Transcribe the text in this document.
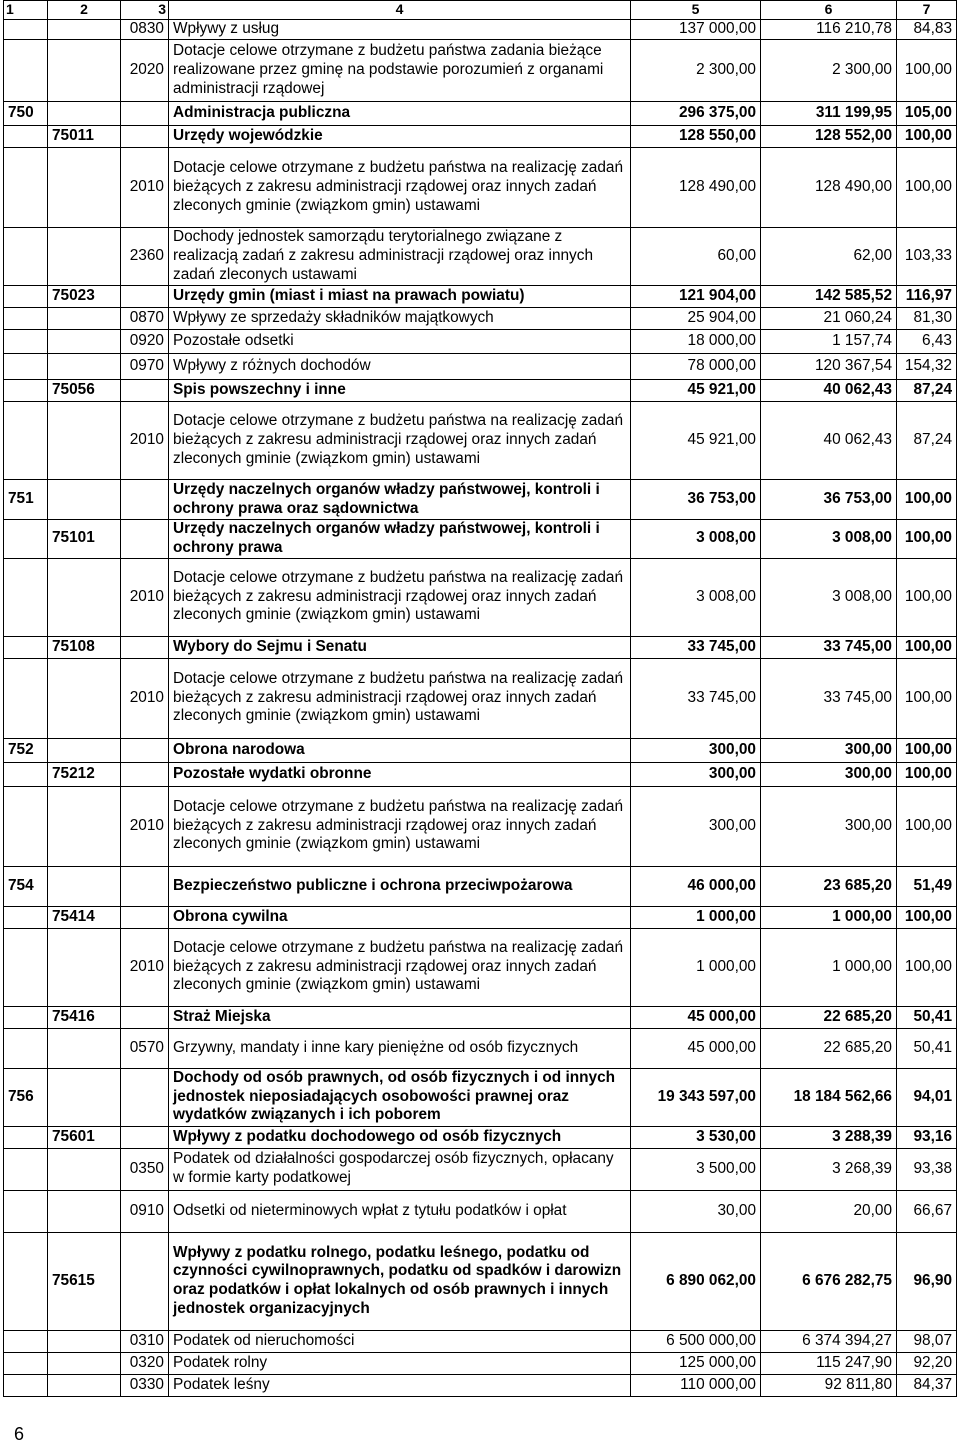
1	2	3	4	5	6	7
		0830	Wpływy z usług	137 000,00	116 210,78	84,83
		2020	Dotacje celowe otrzymane z budżetu państwa zadania bieżące realizowane przez gminę na podstawie porozumień z organami administracji rządowej	2 300,00	2 300,00	100,00
750			Administracja publiczna	296 375,00	311 199,95	105,00
	75011		Urzędy wojewódzkie	128 550,00	128 552,00	100,00
		2010	Dotacje celowe otrzymane z budżetu państwa na realizację zadań bieżących z zakresu administracji rządowej oraz innych zadań zleconych gminie (związkom gmin) ustawami	128 490,00	128 490,00	100,00
		2360	Dochody jednostek samorządu terytorialnego związane z realizacją zadań z zakresu administracji rządowej oraz innych zadań zleconych ustawami	60,00	62,00	103,33
	75023		Urzędy gmin (miast i miast na prawach powiatu)	121 904,00	142 585,52	116,97
		0870	Wpływy ze sprzedaży składników majątkowych	25 904,00	21 060,24	81,30
		0920	Pozostałe odsetki	18 000,00	1 157,74	6,43
		0970	Wpływy z różnych dochodów	78 000,00	120 367,54	154,32
	75056		Spis powszechny i inne	45 921,00	40 062,43	87,24
		2010	Dotacje celowe otrzymane z budżetu państwa na realizację zadań bieżących z zakresu administracji rządowej oraz innych zadań zleconych gminie (związkom gmin) ustawami	45 921,00	40 062,43	87,24
751			Urzędy naczelnych organów władzy państwowej, kontroli i ochrony prawa oraz sądownictwa	36 753,00	36 753,00	100,00
	75101		Urzędy naczelnych organów władzy państwowej, kontroli i ochrony prawa	3 008,00	3 008,00	100,00
		2010	Dotacje celowe otrzymane z budżetu państwa na realizację zadań bieżących z zakresu administracji rządowej oraz innych zadań zleconych gminie (związkom gmin) ustawami	3 008,00	3 008,00	100,00
	75108		Wybory do Sejmu i Senatu	33 745,00	33 745,00	100,00
		2010	Dotacje celowe otrzymane z budżetu państwa na realizację zadań bieżących z zakresu administracji rządowej oraz innych zadań zleconych gminie (związkom gmin) ustawami	33 745,00	33 745,00	100,00
752			Obrona narodowa	300,00	300,00	100,00
	75212		Pozostałe wydatki obronne	300,00	300,00	100,00
		2010	Dotacje celowe otrzymane z budżetu państwa na realizację zadań bieżących z zakresu administracji rządowej oraz innych zadań zleconych gminie (związkom gmin) ustawami	300,00	300,00	100,00
754			Bezpieczeństwo publiczne i ochrona przeciwpożarowa	46 000,00	23 685,20	51,49
	75414		Obrona cywilna	1 000,00	1 000,00	100,00
		2010	Dotacje celowe otrzymane z budżetu państwa na realizację zadań bieżących z zakresu administracji rządowej oraz innych zadań zleconych gminie (związkom gmin) ustawami	1 000,00	1 000,00	100,00
	75416		Straż Miejska	45 000,00	22 685,20	50,41
		0570	Grzywny, mandaty i inne kary pieniężne od osób fizycznych	45 000,00	22 685,20	50,41
756			Dochody od osób prawnych, od osób fizycznych i od innych jednostek nieposiadających osobowości prawnej oraz wydatków związanych i ich poborem	19 343 597,00	18 184 562,66	94,01
	75601		Wpływy z podatku dochodowego od osób fizycznych	3 530,00	3 288,39	93,16
		0350	Podatek od działalności gospodarczej osób fizycznych, opłacany w formie karty podatkowej	3 500,00	3 268,39	93,38
		0910	Odsetki od nieterminowych wpłat z tytułu podatków i opłat	30,00	20,00	66,67
	75615		Wpływy z podatku rolnego, podatku leśnego, podatku od czynności cywilnoprawnych, podatku od spadków i darowizn oraz podatków i opłat lokalnych od osób prawnych i innych jednostek organizacyjnych	6 890 062,00	6 676 282,75	96,90
		0310	Podatek od nieruchomości	6 500 000,00	6 374 394,27	98,07
		0320	Podatek rolny	125 000,00	115 247,90	92,20
		0330	Podatek leśny	110 000,00	92 811,80	84,37
6
